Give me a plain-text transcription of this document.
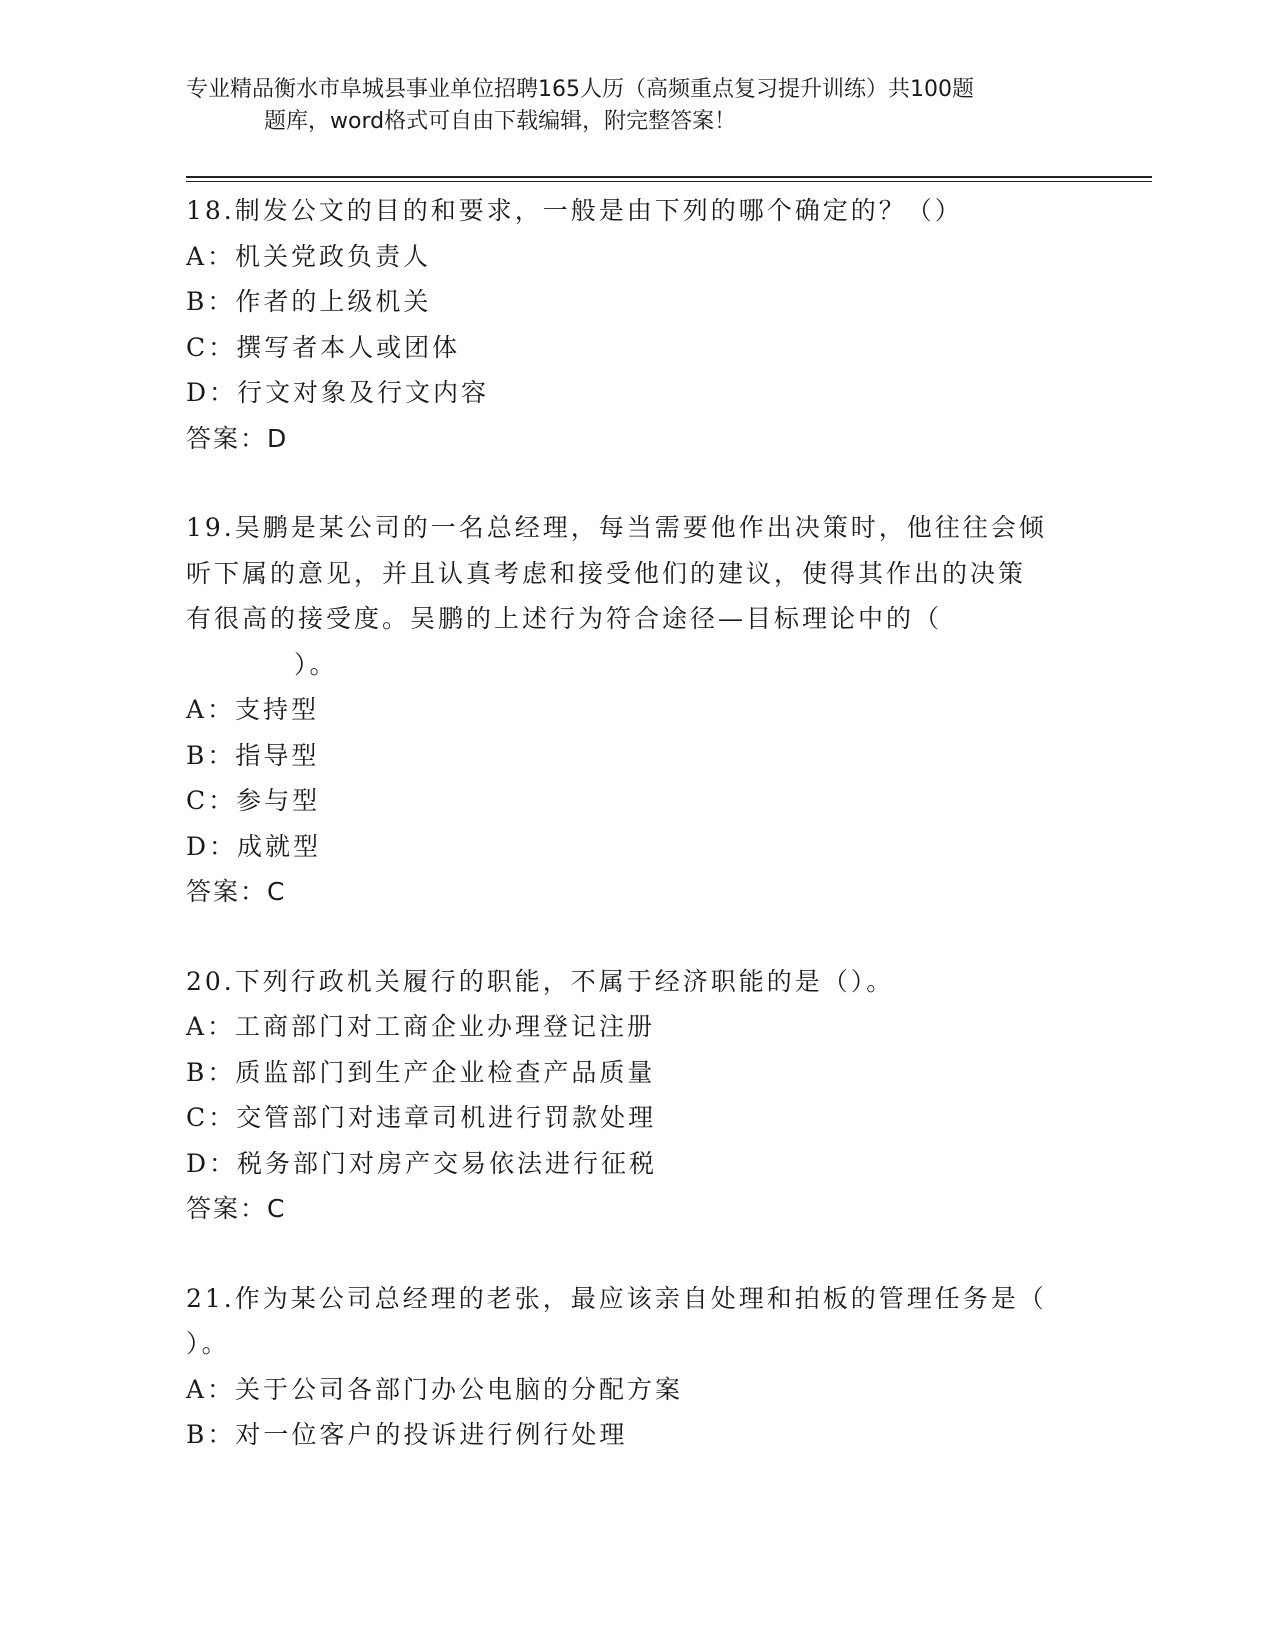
专业精品衡水市阜城县事业单位招聘165人历（高频重点复习提升训练）共100题
题库，word格式可自由下载编辑，附完整答案！
18.制发公文的目的和要求，一般是由下列的哪个确定的？（）
A：机关党政负责人
B：作者的上级机关
C：撰写者本人或团体
D：行文对象及行文内容
答案：D
19.吴鹏是某公司的一名总经理，每当需要他作出决策时，他往往会倾
听下属的意见，并且认真考虑和接受他们的建议，使得其作出的决策
有很高的接受度。吴鹏的上述行为符合途径—目标理论中的（
）。
A：支持型
B：指导型
C：参与型
D：成就型
答案：C
20.下列行政机关履行的职能，不属于经济职能的是（）。
A：工商部门对工商企业办理登记注册
B：质监部门到生产企业检查产品质量
C：交管部门对违章司机进行罚款处理
D：税务部门对房产交易依法进行征税
答案：C
21.作为某公司总经理的老张，最应该亲自处理和拍板的管理任务是（
）。
A：关于公司各部门办公电脑的分配方案
B：对一位客户的投诉进行例行处理
